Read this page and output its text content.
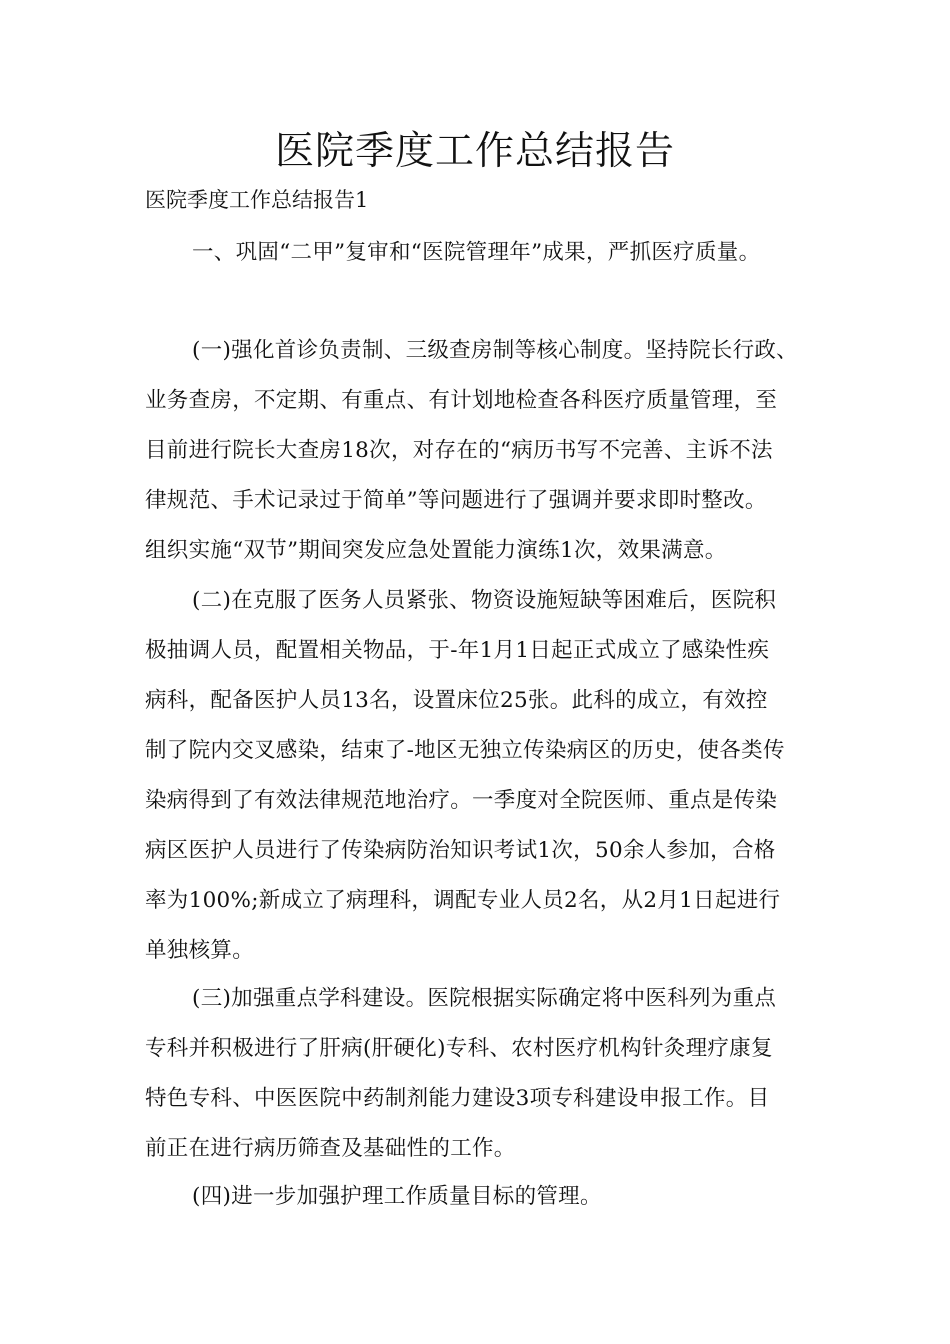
医院季度工作总结报告

医院季度工作总结报告1

一、巩固“二甲”复审和“医院管理年”成果，严抓医疗质量。

(一)强化首诊负责制、三级查房制等核心制度。坚持院长行政、
业务查房，不定期、有重点、有计划地检查各科医疗质量管理，至
目前进行院长大查房18次，对存在的“病历书写不完善、主诉不法
律规范、手术记录过于简单”等问题进行了强调并要求即时整改。
组织实施“双节”期间突发应急处置能力演练1次，效果满意。

(二)在克服了医务人员紧张、物资设施短缺等困难后，医院积
极抽调人员，配置相关物品，于-年1月1日起正式成立了感染性疾
病科，配备医护人员13名，设置床位25张。此科的成立，有效控
制了院内交叉感染，结束了-地区无独立传染病区的历史，使各类传
染病得到了有效法律规范地治疗。一季度对全院医师、重点是传染
病区医护人员进行了传染病防治知识考试1次，50余人参加，合格
率为100%;新成立了病理科，调配专业人员2名，从2月1日起进行
单独核算。

(三)加强重点学科建设。医院根据实际确定将中医科列为重点
专科并积极进行了肝病(肝硬化)专科、农村医疗机构针灸理疗康复
特色专科、中医医院中药制剂能力建设3项专科建设申报工作。目
前正在进行病历筛查及基础性的工作。

(四)进一步加强护理工作质量目标的管理。
